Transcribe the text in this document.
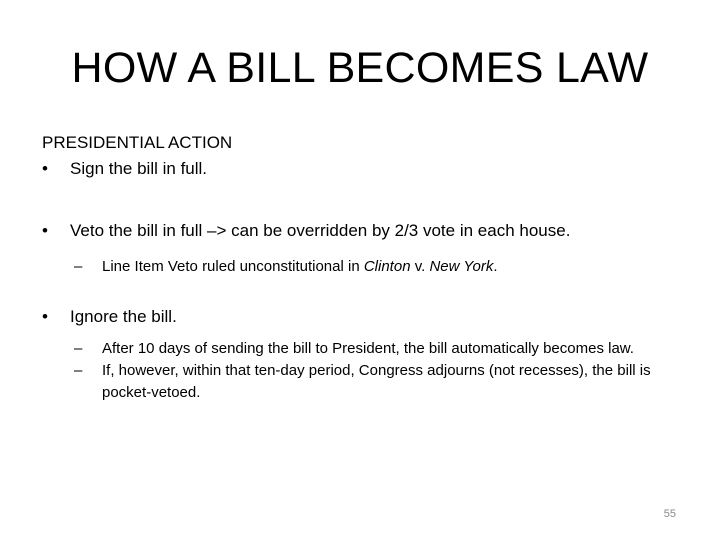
HOW A BILL BECOMES LAW
PRESIDENTIAL ACTION
• Sign the bill in full.
• Veto the bill in full –> can be overridden by 2/3 vote in each house.
– Line Item Veto ruled unconstitutional in Clinton v. New York.
• Ignore the bill.
– After 10 days of sending the bill to President, the bill automatically becomes law.
– If, however, within that ten-day period, Congress adjourns (not recesses), the bill is pocket-vetoed.
55
